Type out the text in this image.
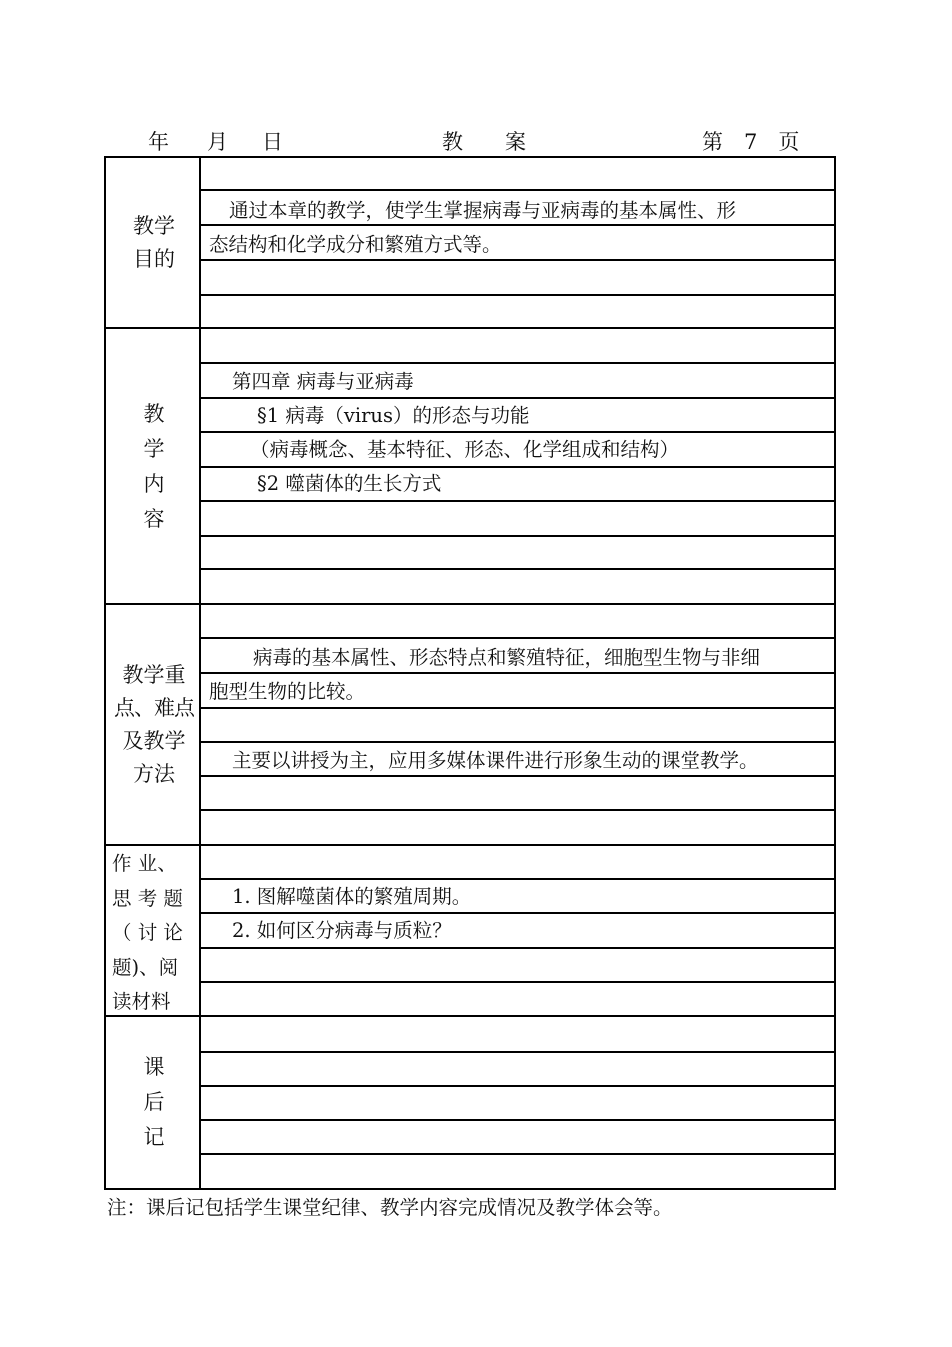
年 月 日	教　　案	第　7　页
教学
目的
通过本章的教学，使学生掌握病毒与亚病毒的基本属性、形
态结构和化学成分和繁殖方式等。
教
学
内
容
第四章 病毒与亚病毒
§1 病毒（virus）的形态与功能
（病毒概念、基本特征、形态、化学组成和结构）
§2 噬菌体的生长方式
教学重
点、难点
及教学
方法
病毒的基本属性、形态特点和繁殖特征，细胞型生物与非细
胞型生物的比较。
主要以讲授为主，应用多媒体课件进行形象生动的课堂教学。
1. 图解噬菌体的繁殖周期。
2. 如何区分病毒与质粒？
课
后
记
作 业、
思 考 题
（ 讨 论
题)、阅
读材料
注：课后记包括学生课堂纪律、教学内容完成情况及教学体会等。
